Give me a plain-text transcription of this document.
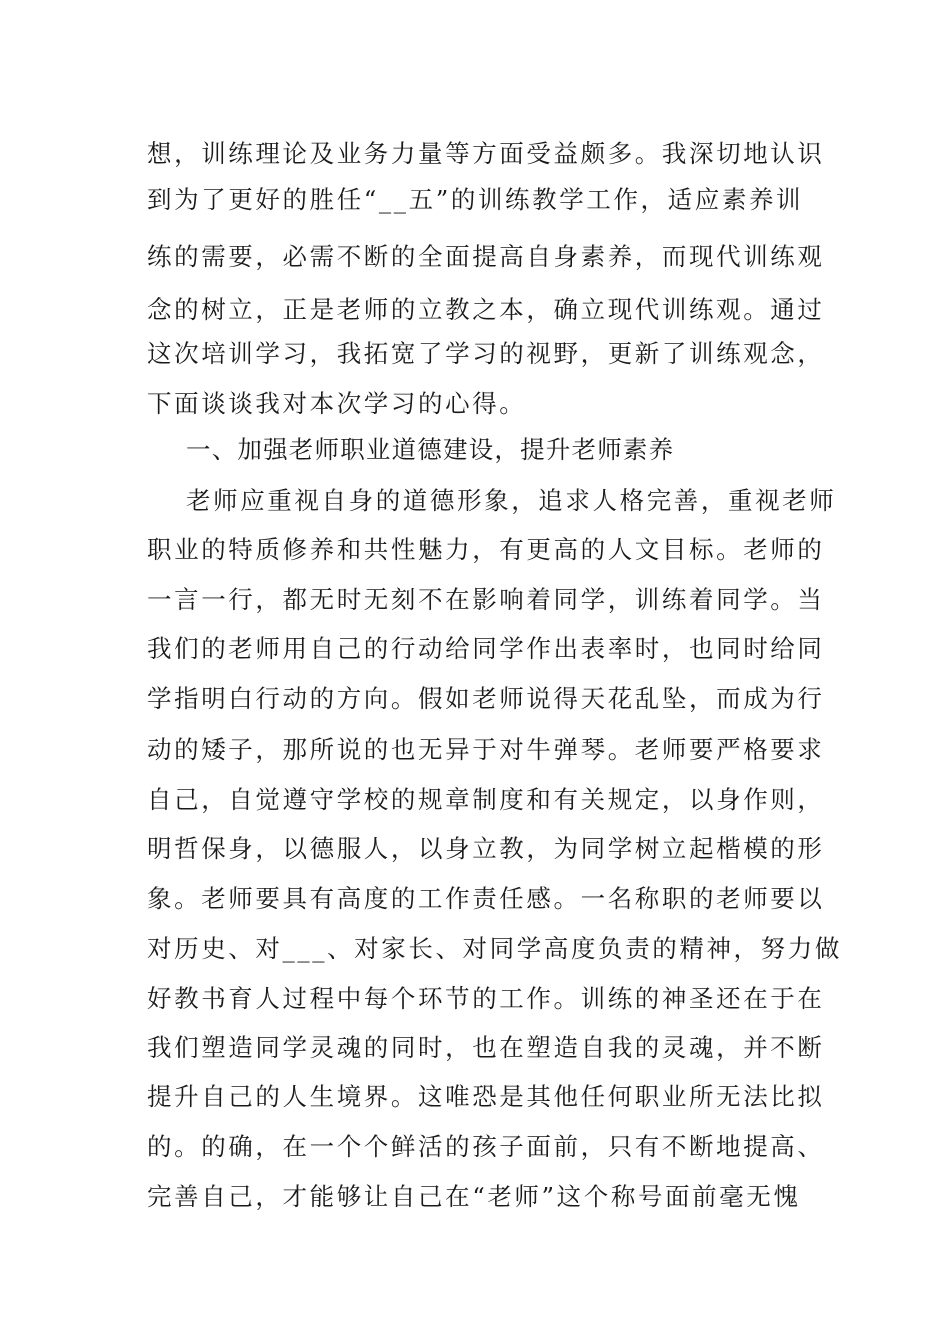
想，训练理论及业务力量等方面受益颇多。我深切地认识
到为了更好的胜任“__五”的训练教学工作，适应素养训
练的需要，必需不断的全面提高自身素养，而现代训练观
念的树立，正是老师的立教之本，确立现代训练观。通过
这次培训学习，我拓宽了学习的视野，更新了训练观念，
下面谈谈我对本次学习的心得。
一、加强老师职业道德建设，提升老师素养
老师应重视自身的道德形象，追求人格完善，重视老师
职业的特质修养和共性魅力，有更高的人文目标。老师的
一言一行，都无时无刻不在影响着同学，训练着同学。当
我们的老师用自己的行动给同学作出表率时，也同时给同
学指明白行动的方向。假如老师说得天花乱坠，而成为行
动的矮子，那所说的也无异于对牛弹琴。老师要严格要求
自己，自觉遵守学校的规章制度和有关规定，以身作则，
明哲保身，以德服人，以身立教，为同学树立起楷模的形
象。老师要具有高度的工作责任感。一名称职的老师要以
对历史、对___、对家长、对同学高度负责的精神，努力做
好教书育人过程中每个环节的工作。训练的神圣还在于在
我们塑造同学灵魂的同时，也在塑造自我的灵魂，并不断
提升自己的人生境界。这唯恐是其他任何职业所无法比拟
的。的确，在一个个鲜活的孩子面前，只有不断地提高、
完善自己，才能够让自己在“老师”这个称号面前毫无愧
